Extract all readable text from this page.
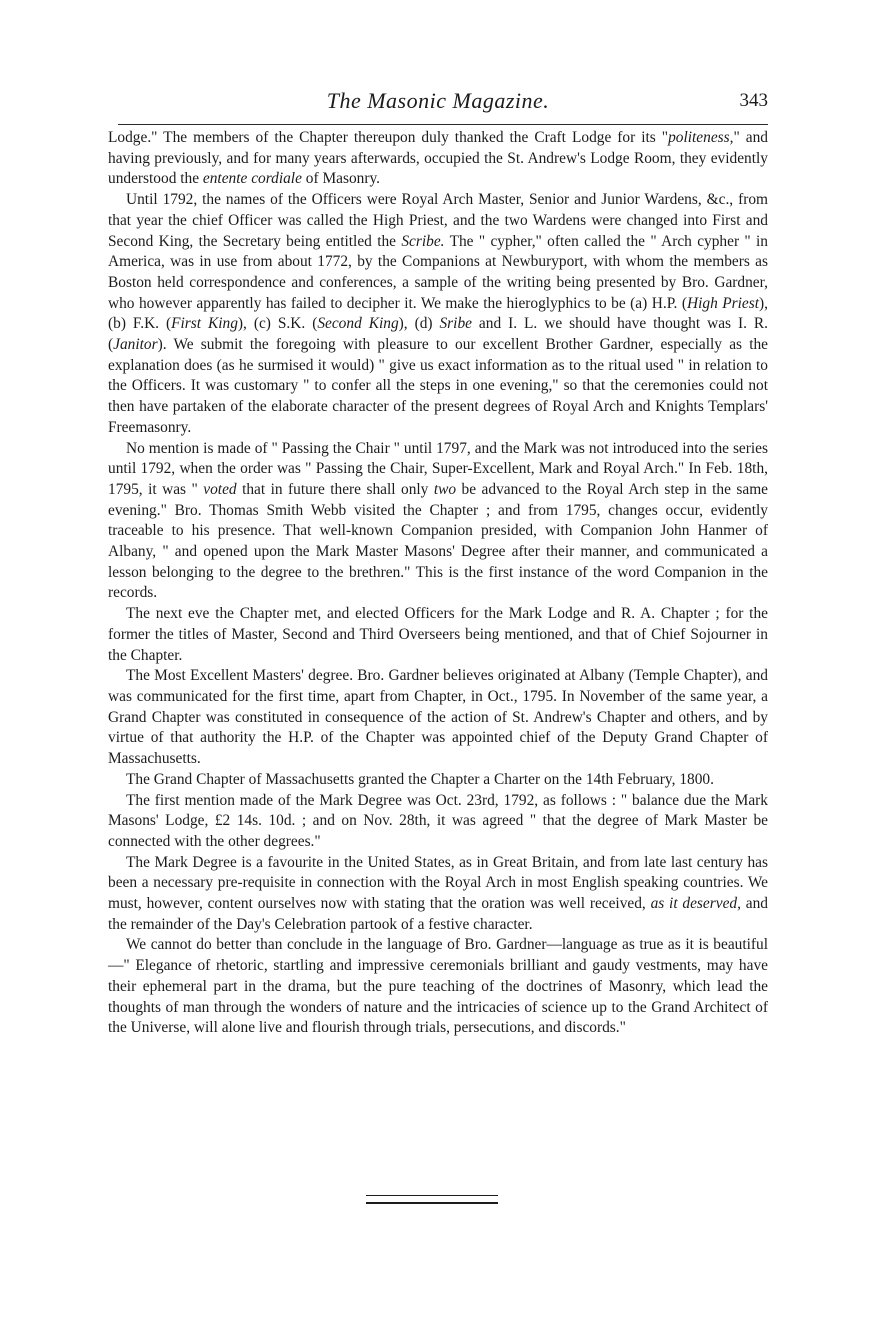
The Masonic Magazine.	343

Lodge." The members of the Chapter thereupon duly thanked the Craft Lodge for its "politeness," and having previously, and for many years afterwards, occupied the St. Andrew's Lodge Room, they evidently understood the entente cordiale of Masonry.

Until 1792, the names of the Officers were Royal Arch Master, Senior and Junior Wardens, &c., from that year the chief Officer was called the High Priest, and the two Wardens were changed into First and Second King, the Secretary being entitled the Scribe. The " cypher," often called the " Arch cypher " in America, was in use from about 1772, by the Companions at Newburyport, with whom the members as Boston held correspondence and conferences, a sample of the writing being presented by Bro. Gardner, who however apparently has failed to decipher it. We make the hieroglyphics to be (a) H.P. (High Priest), (b) F.K. (First King), (c) S.K. (Second King), (d) Sribe and I. L. we should have thought was I. R. (Janitor). We submit the foregoing with pleasure to our excellent Brother Gardner, especially as the explanation does (as he surmised it would) " give us exact information as to the ritual used " in relation to the Officers. It was customary " to confer all the steps in one evening," so that the ceremonies could not then have partaken of the elaborate character of the present degrees of Royal Arch and Knights Templars' Freemasonry.

No mention is made of " Passing the Chair " until 1797, and the Mark was not introduced into the series until 1792, when the order was " Passing the Chair, Super-Excellent, Mark and Royal Arch." In Feb. 18th, 1795, it was " voted that in future there shall only two be advanced to the Royal Arch step in the same evening." Bro. Thomas Smith Webb visited the Chapter ; and from 1795, changes occur, evidently traceable to his presence. That well-known Companion presided, with Companion John Hanmer of Albany, " and opened upon the Mark Master Masons' Degree after their manner, and communicated a lesson belonging to the degree to the brethren." This is the first instance of the word Companion in the records.

The next eve the Chapter met, and elected Officers for the Mark Lodge and R. A. Chapter ; for the former the titles of Master, Second and Third Overseers being mentioned, and that of Chief Sojourner in the Chapter.

The Most Excellent Masters' degree. Bro. Gardner believes originated at Albany (Temple Chapter), and was communicated for the first time, apart from Chapter, in Oct., 1795. In November of the same year, a Grand Chapter was constituted in consequence of the action of St. Andrew's Chapter and others, and by virtue of that authority the H.P. of the Chapter was appointed chief of the Deputy Grand Chapter of Massachusetts.

The Grand Chapter of Massachusetts granted the Chapter a Charter on the 14th February, 1800.

The first mention made of the Mark Degree was Oct. 23rd, 1792, as follows : " balance due the Mark Masons' Lodge, £2 14s. 10d. ; and on Nov. 28th, it was agreed " that the degree of Mark Master be connected with the other degrees."

The Mark Degree is a favourite in the United States, as in Great Britain, and from late last century has been a necessary pre-requisite in connection with the Royal Arch in most English speaking countries. We must, however, content ourselves now with stating that the oration was well received, as it deserved, and the remainder of the Day's Celebration partook of a festive character.

We cannot do better than conclude in the language of Bro. Gardner—language as true as it is beautiful—" Elegance of rhetoric, startling and impressive ceremonials brilliant and gaudy vestments, may have their ephemeral part in the drama, but the pure teaching of the doctrines of Masonry, which lead the thoughts of man through the wonders of nature and the intricacies of science up to the Grand Architect of the Universe, will alone live and flourish through trials, persecutions, and discords."
